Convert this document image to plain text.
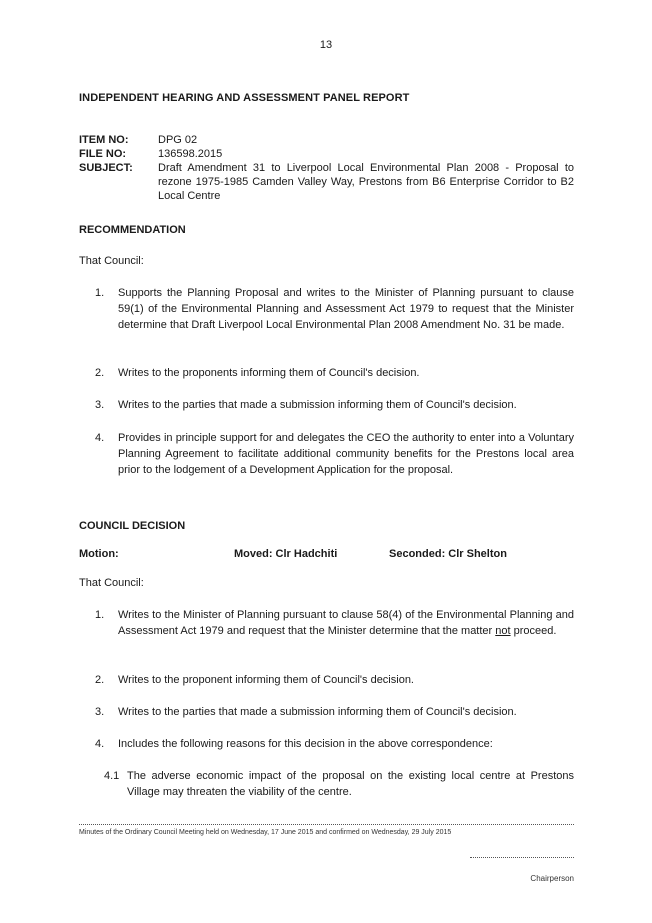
13
INDEPENDENT HEARING AND ASSESSMENT PANEL REPORT
ITEM NO:	DPG 02
FILE NO:	136598.2015
SUBJECT:	Draft Amendment 31 to Liverpool Local Environmental Plan 2008 - Proposal to rezone 1975-1985 Camden Valley Way, Prestons from B6 Enterprise Corridor to B2 Local Centre
RECOMMENDATION
That Council:
1.	Supports the Planning Proposal and writes to the Minister of Planning pursuant to clause 59(1) of the Environmental Planning and Assessment Act 1979 to request that the Minister determine that Draft Liverpool Local Environmental Plan 2008 Amendment No. 31 be made.
2.	Writes to the proponents informing them of Council's decision.
3.	Writes to the parties that made a submission informing them of Council's decision.
4.	Provides in principle support for and delegates the CEO the authority to enter into a Voluntary Planning Agreement to facilitate additional community benefits for the Prestons local area prior to the lodgement of a Development Application for the proposal.
COUNCIL DECISION
Motion:	Moved: Clr Hadchiti	Seconded: Clr Shelton
That Council:
1.	Writes to the Minister of Planning pursuant to clause 58(4) of the Environmental Planning and Assessment Act 1979 and request that the Minister determine that the matter not proceed.
2.	Writes to the proponent informing them of Council's decision.
3.	Writes to the parties that made a submission informing them of Council's decision.
4.	Includes the following reasons for this decision in the above correspondence:
4.1 The adverse economic impact of the proposal on the existing local centre at Prestons Village may threaten the viability of the centre.
Minutes of the Ordinary Council Meeting held on Wednesday, 17 June 2015 and confirmed on Wednesday, 29 July 2015
Chairperson
